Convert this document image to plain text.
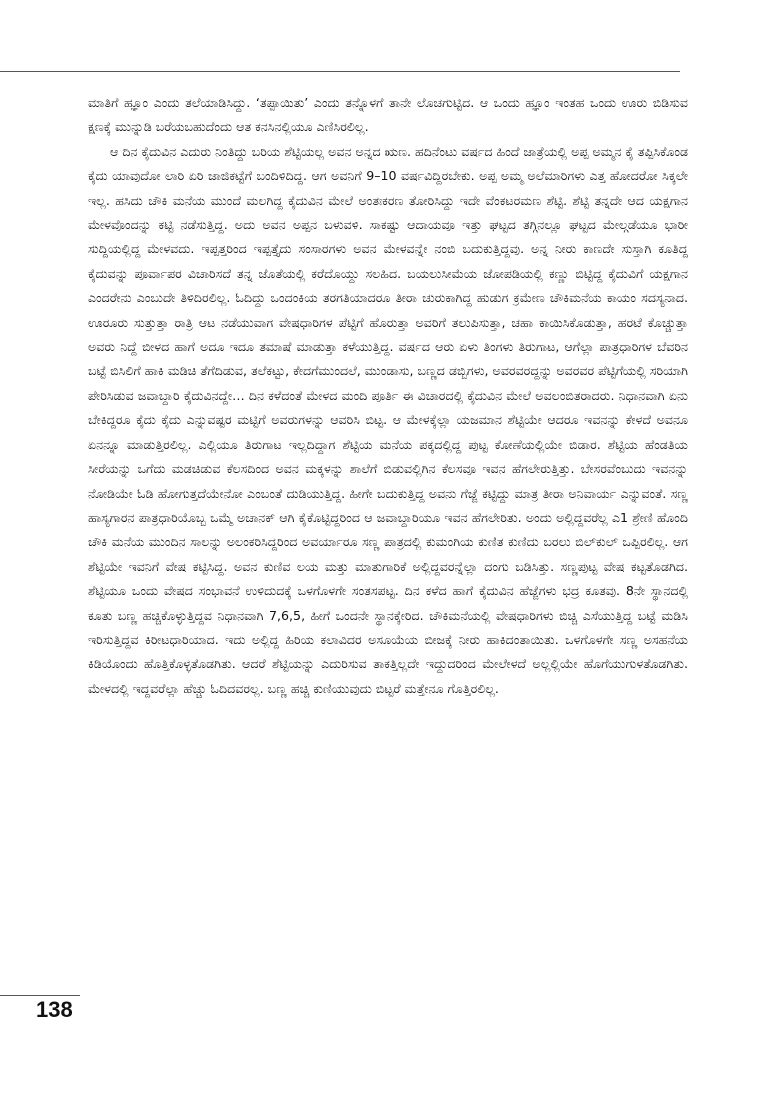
ಮಾತಿಗೆ ಹ್ಞೂಂ ಎಂದು ತಲೆಯಾಡಿಸಿದ್ದು. ‘ತಪ್ಪಾಯಿತು’ ಎಂದು ತನ್ನೊಳಗೆ ತಾನೇ ಲೊಚಗುಟ್ಟಿದ. ಆ ಒಂದು ಹ್ಞೂಂ ಇಂತಹ ಒಂದು ಊರು ಬಿಡಿಸುವ ಕ್ಷಣಕ್ಕೆ ಮುನ್ನುಡಿ ಬರೆಯಬಹುದೆಂದು ಆತ ಕನಸಿನಲ್ಲಿಯೂ ಎಣಿಸಿರಲಿಲ್ಲ.

ಆ ದಿನ ಕೈದುವಿನ ಎದುರು ನಿಂತಿದ್ದು ಬರಿಯ ಶೆಟ್ಟಿಯಲ್ಲ ಅವನ ಅನ್ನದ ಋಣ. ಹದಿನೆಂಟು ವರ್ಷದ ಹಿಂದೆ ಜಾತ್ರೆಯಲ್ಲಿ ಅಪ್ಪ ಅಮ್ಮನ ಕೈ ತಪ್ಪಿಸಿಕೊಂಡ ಕೈದು ಯಾವುದೋ ಲಾರಿ ಏರಿ ಜಾಜಿಕಟ್ಟೆಗೆ ಬಂದಿಳಿದಿದ್ದ. ಆಗ ಅವನಿಗೆ 9–10 ವರ್ಷವಿದ್ದಿರಬೇಕು. ಅಪ್ಪ ಅಮ್ಮ ಅಲೆಮಾರಿಗಳು ಎತ್ತ ಹೋದರೋ ಸಿಕ್ಕಲೇ ಇಲ್ಲ. ಹಸಿದು ಚೌಕಿ ಮನೆಯ ಮುಂದೆ ಮಲಗಿದ್ದ ಕೈದುವಿನ ಮೇಲೆ ಅಂತಃಕರಣ ತೋರಿಸಿದ್ದು ಇದೇ ವೆಂಕಟರಮಣ ಶೆಟ್ಟಿ. ಶೆಟ್ಟಿ ತನ್ನದೇ ಆದ ಯಕ್ಷಗಾನ ಮೇಳವೊಂದನ್ನು ಕಟ್ಟಿ ನಡೆಸುತ್ತಿದ್ದ. ಅದು ಅವನ ಅಪ್ಪನ ಬಳುವಳಿ. ಸಾಕಷ್ಟು ಆದಾಯವೂ ಇತ್ತು ಘಟ್ಟದ ತಗ್ಗಿನಲ್ಲೂ ಘಟ್ಟದ ಮೇಲ್ಗಡೆಯೂ ಭಾರೀ ಸುದ್ದಿಯಲ್ಲಿದ್ದ ಮೇಳವದು. ಇಪ್ಪತ್ತರಿಂದ ಇಪ್ಪತ್ತೈದು ಸಂಸಾರಗಳು ಅವನ ಮೇಳವನ್ನೇ ನಂಬಿ ಬದುಕುತ್ತಿದ್ದವು. ಅನ್ನ ನೀರು ಕಾಣದೇ ಸುಸ್ತಾಗಿ ಕೂತಿದ್ದ ಕೈದುವನ್ನು ಪೂರ್ವಾಪರ ವಿಚಾರಿಸದೆ ತನ್ನ ಜೊತೆಯಲ್ಲಿ ಕರೆದೊಯ್ದು ಸಲಹಿದ. ಬಯಲುಸೀಮೆಯ ಜೋಪಡಿಯಲ್ಲಿ ಕಣ್ಣು ಬಿಟ್ಟಿದ್ದ ಕೈದುವಿಗೆ ಯಕ್ಷಗಾನ ಎಂದರೇನು ಎಂಬುದೇ ತಿಳಿದಿರಲಿಲ್ಲ. ಓದಿದ್ದು ಒಂದಂಕಿಯ ತರಗತಿಯಾದರೂ ತೀರಾ ಚುರುಕಾಗಿದ್ದ ಹುಡುಗ ಕ್ರಮೇಣ ಚೌಕಿಮನೆಯ ಕಾಯಂ ಸದಸ್ಯನಾದ. ಊರೂರು ಸುತ್ತುತ್ತಾ ರಾತ್ರಿ ಆಟ ನಡೆಯುವಾಗ ವೇಷಧಾರಿಗಳ ಪೆಟ್ಟಿಗೆ ಹೊರುತ್ತಾ ಅವರಿಗೆ ತಲುಪಿಸುತ್ತಾ, ಚಹಾ ಕಾಯಿಸಿಕೊಡುತ್ತಾ, ಹರಟೆ ಕೊಚ್ಚುತ್ತಾ ಅವರು ನಿದ್ದೆ ಬೀಳದ ಹಾಗೆ ಅದೂ ಇದೂ ತಮಾಷೆ ಮಾಡುತ್ತಾ ಕಳೆಯುತ್ತಿದ್ದ. ವರ್ಷದ ಆರು ಏಳು ತಿಂಗಳು ತಿರುಗಾಟ, ಆಗೆಲ್ಲಾ ಪಾತ್ರಧಾರಿಗಳ ಬೆವರಿನ ಬಟ್ಟೆ ಬಿಸಿಲಿಗೆ ಹಾಕಿ ಮಡಿಚಿ ತೆಗೆದಿಡುವ, ತಲೆಕಟ್ಟು, ಕೇದಗೆಮುಂದಲೆ, ಮುಂಡಾಸು, ಬಣ್ಣದ ಡಬ್ಬಿಗಳು, ಅವರವರದ್ದನ್ನು ಅವರವರ ಪೆಟ್ಟಿಗೆಯಲ್ಲಿ ಸರಿಯಾಗಿ ಪೇರಿಸಿಡುವ ಜವಾಬ್ದಾರಿ ಕೈದುವಿನದ್ದೇ… ದಿನ ಕಳೆದಂತೆ ಮೇಳದ ಮಂದಿ ಪೂರ್ತಿ ಈ ವಿಚಾರದಲ್ಲಿ ಕೈದುವಿನ ಮೇಲೆ ಅವಲಂಬಿತರಾದರು. ನಿಧಾನವಾಗಿ ಏನು ಬೇಕಿದ್ದರೂ ಕೈದು ಕೈದು ಎನ್ನುವಷ್ಟರ ಮಟ್ಟಿಗೆ ಅವರುಗಳನ್ನು ಆವರಿಸಿ ಬಿಟ್ಟ. ಆ ಮೇಳಕ್ಕೆಲ್ಲಾ ಯಜಮಾನ ಶೆಟ್ಟಿಯೇ ಆದರೂ ಇವನನ್ನು ಕೇಳದೆ ಅವನೂ ಏನನ್ನೂ ಮಾಡುತ್ತಿರಲಿಲ್ಲ. ಎಲ್ಲಿಯೂ ತಿರುಗಾಟ ಇಲ್ಲದಿದ್ದಾಗ ಶೆಟ್ಟಿಯ ಮನೆಯ ಪಕ್ಕದಲ್ಲಿದ್ದ ಪುಟ್ಟ ಕೋಣೆಯಲ್ಲಿಯೇ ಬಿಡಾರ. ಶೆಟ್ಟಿಯ ಹೆಂಡತಿಯ ಸೀರೆಯನ್ನು ಒಗೆದು ಮಡಚಿಡುವ ಕೆಲಸದಿಂದ ಅವನ ಮಕ್ಕಳನ್ನು ಶಾಲೆಗೆ ಬಿಡುವಲ್ಲಿಗಿನ ಕೆಲಸವೂ ಇವನ ಹೆಗಲೇರುತ್ತಿತ್ತು. ಬೇಸರವೆಂಬುದು ಇವನನ್ನು ನೋಡಿಯೇ ಓಡಿ ಹೋಗುತ್ತದೆಯೇನೋ ಎಂಬಂತೆ ದುಡಿಯುತ್ತಿದ್ದ. ಹೀಗೇ ಬದುಕುತ್ತಿದ್ದ ಅವನು ಗೆಜ್ಜೆ ಕಟ್ಟಿದ್ದು ಮಾತ್ರ ತೀರಾ ಅನಿವಾರ್ಯ ಎನ್ನುವಂತೆ. ಸಣ್ಣ ಹಾಸ್ಯಗಾರನ ಪಾತ್ರಧಾರಿಯೊಬ್ಬ ಒಮ್ಮೆ ಅಚಾನಕ್ ಆಗಿ ಕೈಕೊಟ್ಟಿದ್ದರಿಂದ ಆ ಜವಾಬ್ದಾರಿಯೂ ಇವನ ಹೆಗಲೇರಿತು. ಅಂದು ಅಲ್ಲಿದ್ದವರೆಲ್ಲ ಎ1 ಶ್ರೇಣಿ ಹೊಂದಿ ಚೌಕಿ ಮನೆಯ ಮುಂದಿನ ಸಾಲನ್ನು ಅಲಂಕರಿಸಿದ್ದರಿಂದ ಅವರ್ಯಾರೂ ಸಣ್ಣ ಪಾತ್ರದಲ್ಲಿ ಕುಮಂಗಿಯ ಕುಣಿತ ಕುಣಿದು ಬರಲು ಬಿಲ್‌ಕುಲ್ ಒಪ್ಪಿರಲಿಲ್ಲ. ಆಗ ಶೆಟ್ಟಿಯೇ ಇವನಿಗೆ ವೇಷ ಕಟ್ಟಿಸಿದ್ದ. ಅವನ ಕುಣಿವ ಲಯ ಮತ್ತು ಮಾತುಗಾರಿಕೆ ಅಲ್ಲಿದ್ದವರನ್ನೆಲ್ಲಾ ದಂಗು ಬಡಿಸಿತ್ತು. ಸಣ್ಣಪುಟ್ಟ ವೇಷ ಕಟ್ಟತೊಡಗಿದ. ಶೆಟ್ಟಿಯೂ ಒಂದು ವೇಷದ ಸಂಭಾವನೆ ಉಳಿದುದಕ್ಕೆ ಒಳಗೊಳಗೇ ಸಂತಸಪಟ್ಟ. ದಿನ ಕಳೆದ ಹಾಗೆ ಕೈದುವಿನ ಹೆಜ್ಜೆಗಳು ಭದ್ರ ಕೂತವು. 8ನೇ ಸ್ಥಾನದಲ್ಲಿ ಕೂತು ಬಣ್ಣ ಹಚ್ಚಿಕೊಳ್ಳುತ್ತಿದ್ದವ ನಿಧಾನವಾಗಿ 7,6,5, ಹೀಗೆ ಒಂದನೇ ಸ್ಥಾನಕ್ಕೇರಿದ. ಚೌಕಿಮನೆಯಲ್ಲಿ ವೇಷಧಾರಿಗಳು ಬಿಚ್ಚಿ ಎಸೆಯುತ್ತಿದ್ದ ಬಟ್ಟೆ ಮಡಿಸಿ ಇರಿಸುತ್ತಿದ್ದವ ಕಿರೀಟಧಾರಿಯಾದ. ಇದು ಅಲ್ಲಿದ್ದ ಹಿರಿಯ ಕಲಾವಿದರ ಅಸೂಯೆಯ ಬೀಜಕ್ಕೆ ನೀರು ಹಾಕಿದಂತಾಯಿತು. ಒಳಗೊಳಗೇ ಸಣ್ಣ ಅಸಹನೆಯ ಕಿಡಿಯೊಂದು ಹೊತ್ತಿಕೊಳ್ಳತೊಡಗಿತು. ಆದರೆ ಶೆಟ್ಟಿಯನ್ನು ಎದುರಿಸುವ ತಾಕತ್ತಿಲ್ಲದೇ ಇದ್ದುದರಿಂದ ಮೇಲೇಳದೆ ಅಲ್ಲಲ್ಲಿಯೇ ಹೊಗೆಯುಗುಳತೊಡಗಿತು. ಮೇಳದಲ್ಲಿ ಇದ್ದವರೆಲ್ಲಾ ಹೆಚ್ಚು ಓದಿದವರಲ್ಲ. ಬಣ್ಣ ಹಚ್ಚಿ ಕುಣಿಯುವುದು ಬಿಟ್ಟರೆ ಮತ್ತೇನೂ ಗೊತ್ತಿರಲಿಲ್ಲ.

138
